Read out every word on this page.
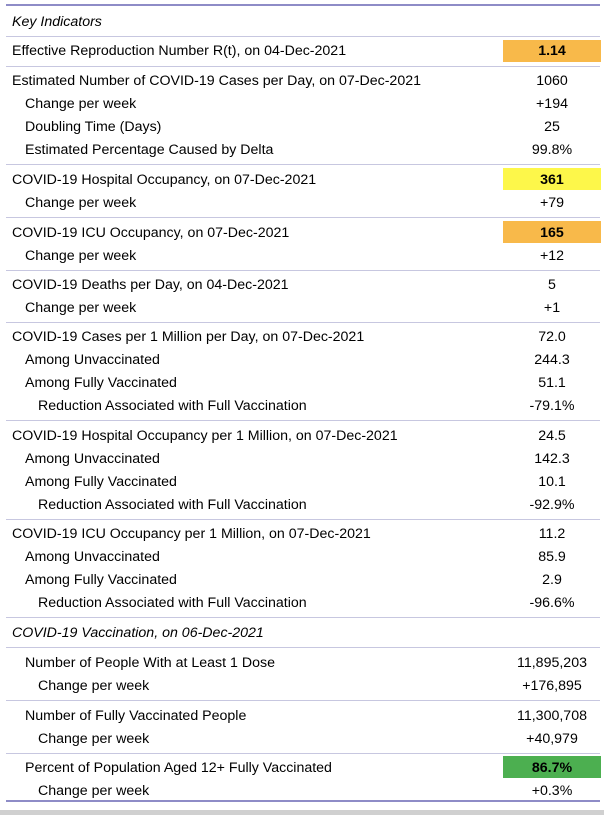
Key Indicators
Effective Reproduction Number R(t), on 04-Dec-2021	1.14
Estimated Number of COVID-19 Cases per Day, on 07-Dec-2021	1060
Change per week	+194
Doubling Time (Days)	25
Estimated Percentage Caused by Delta	99.8%
COVID-19 Hospital Occupancy, on 07-Dec-2021	361
Change per week	+79
COVID-19 ICU Occupancy, on 07-Dec-2021	165
Change per week	+12
COVID-19 Deaths per Day, on 04-Dec-2021	5
Change per week	+1
COVID-19 Cases per 1 Million per Day, on 07-Dec-2021	72.0
Among Unvaccinated	244.3
Among Fully Vaccinated	51.1
Reduction Associated with Full Vaccination	-79.1%
COVID-19 Hospital Occupancy per 1 Million, on 07-Dec-2021	24.5
Among Unvaccinated	142.3
Among Fully Vaccinated	10.1
Reduction Associated with Full Vaccination	-92.9%
COVID-19 ICU Occupancy per 1 Million, on 07-Dec-2021	11.2
Among Unvaccinated	85.9
Among Fully Vaccinated	2.9
Reduction Associated with Full Vaccination	-96.6%
COVID-19 Vaccination, on 06-Dec-2021
Number of People With at Least 1 Dose	11,895,203
Change per week	+176,895
Number of Fully Vaccinated People	11,300,708
Change per week	+40,979
Percent of Population Aged 12+ Fully Vaccinated	86.7%
Change per week	+0.3%
